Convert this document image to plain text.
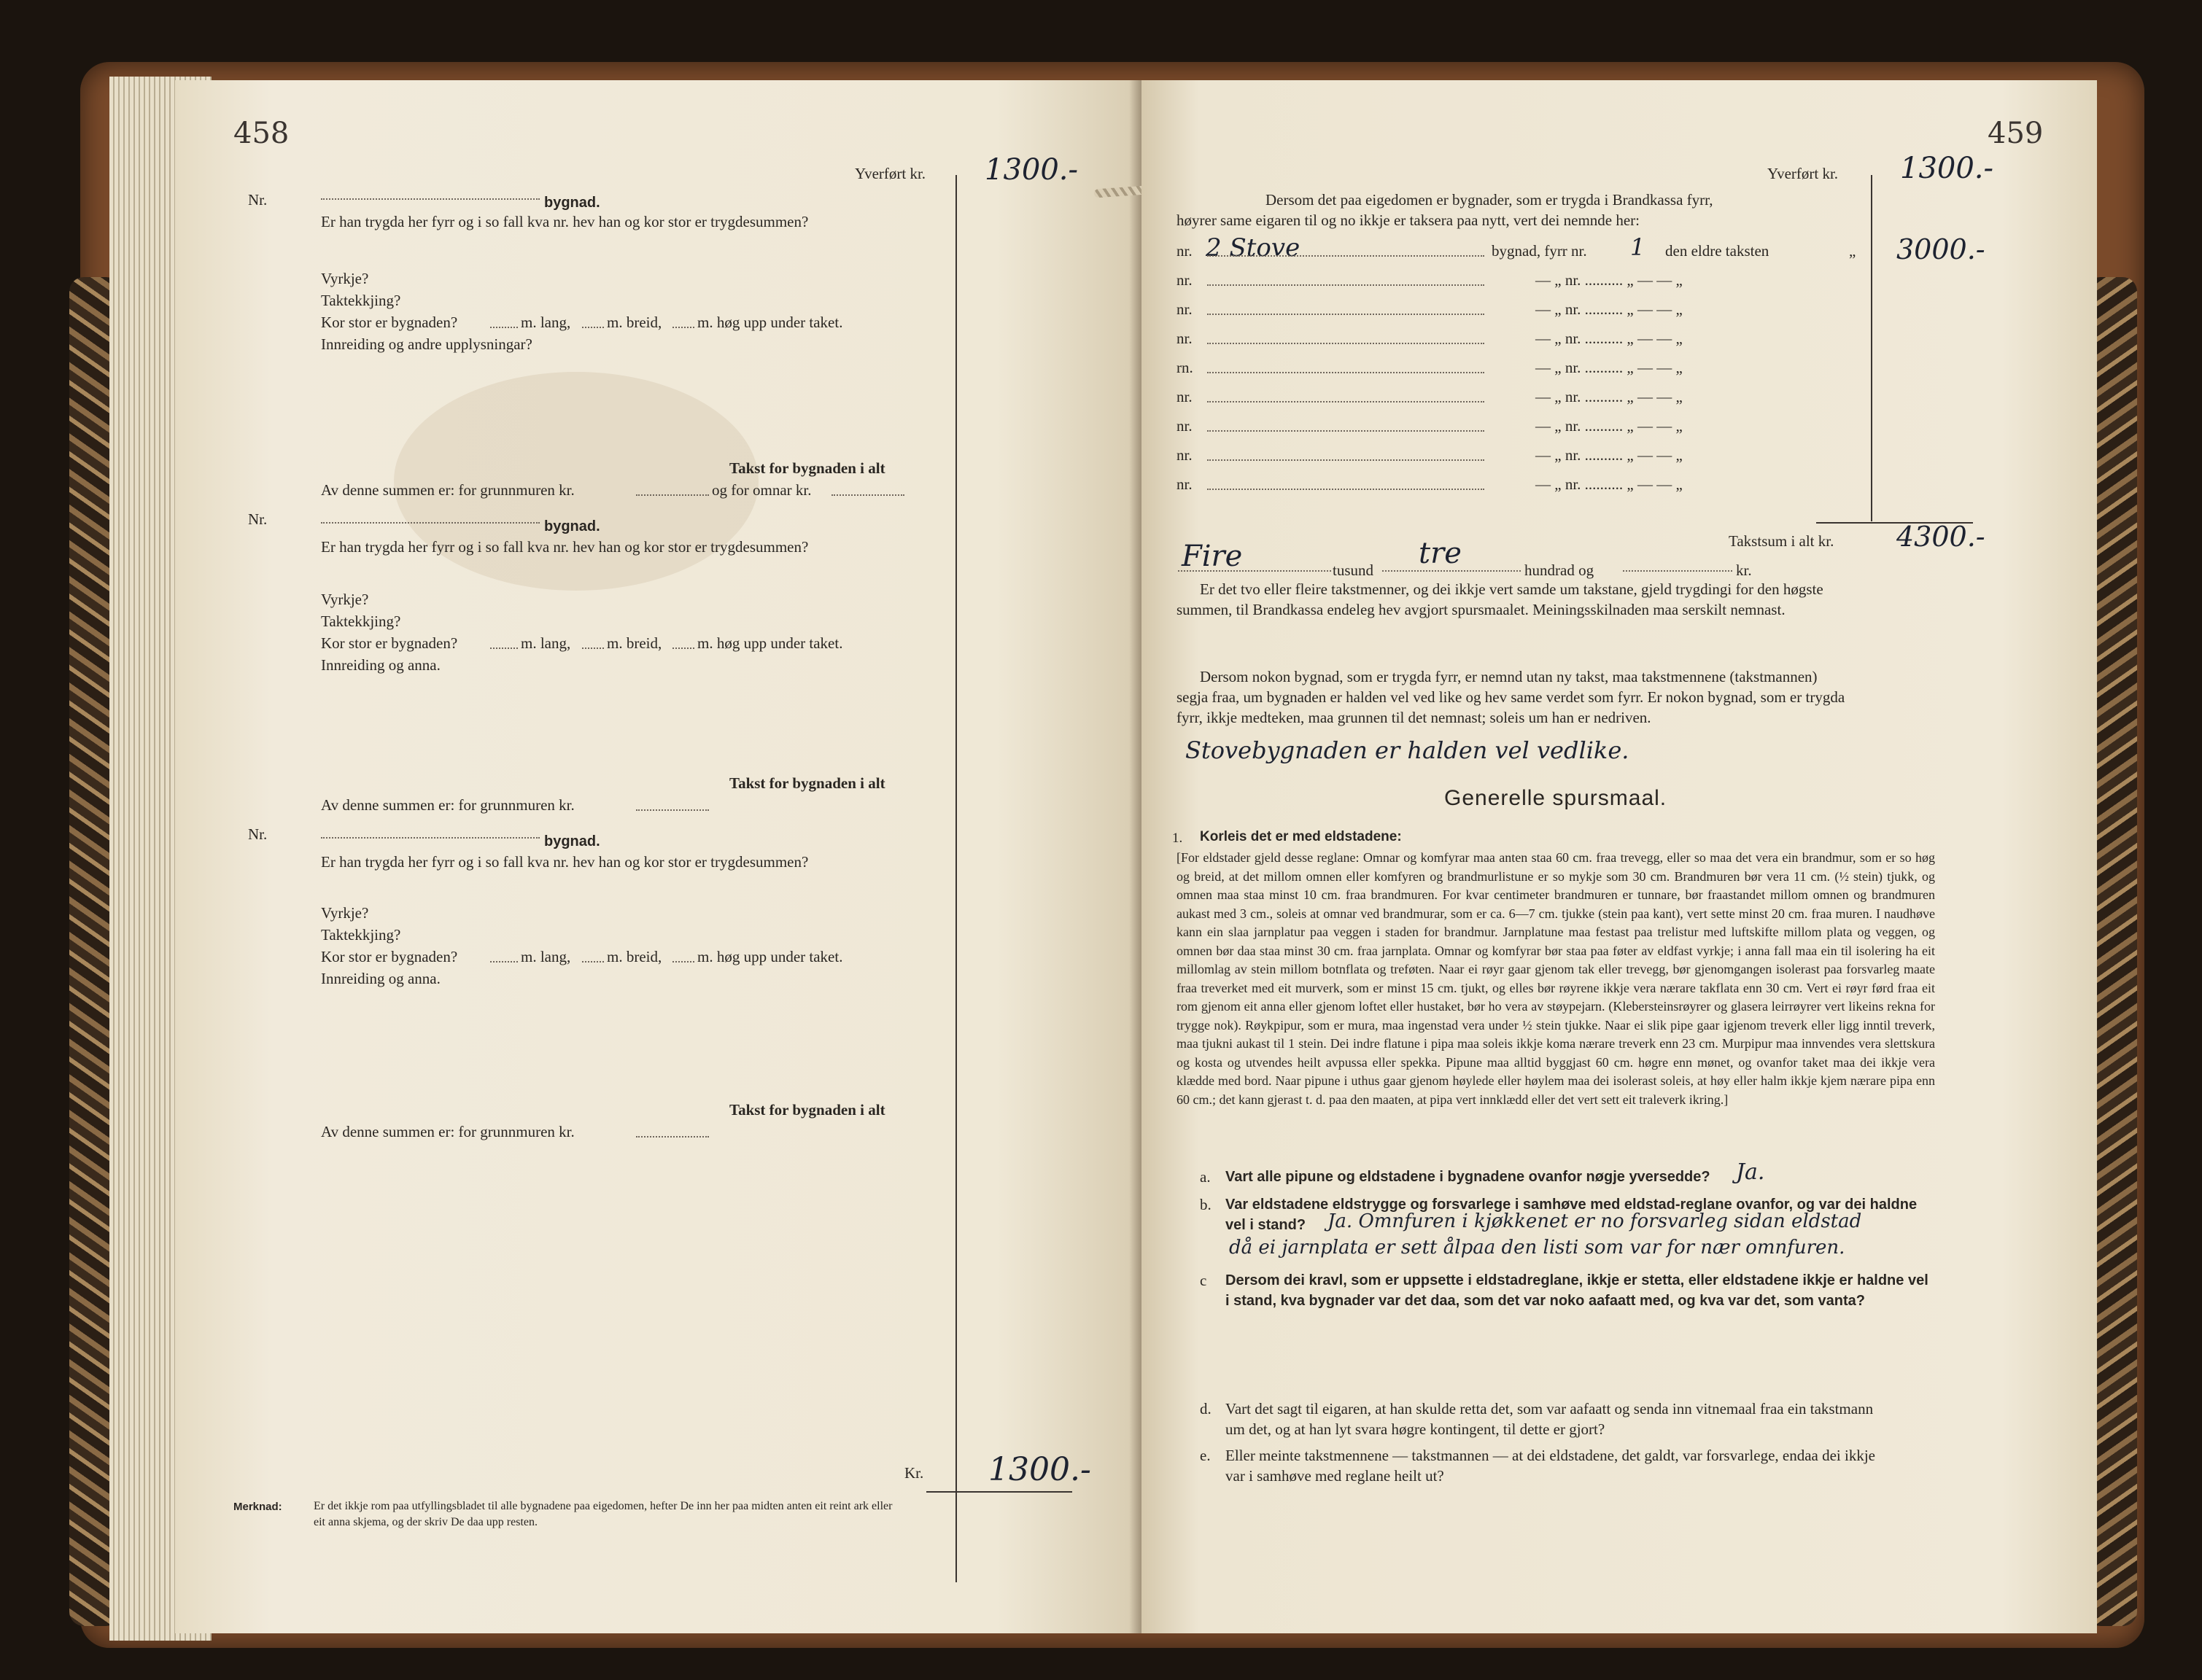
458
Yverført kr. 1300.-
Nr.	bygnad.
Er han trygda her fyrr og i so fall kva nr. hev han og kor stor er trygdesummen?
Vyrkje?
Taktekkjing?
Kor stor er bygnaden?	m. lang, m. breid, m. høg upp under taket.
Innreiding og andre upplysningar?
Takst for bygnaden i alt
Av denne summen er: for grunnmuren kr.	og for omnar kr.
Nr.	bygnad.
Er han trygda her fyrr og i so fall kva nr. hev han og kor stor er trygdesummen?
Vyrkje?
Taktekkjing?
Kor stor er bygnaden?	m. lang, m. breid, m. høg upp under taket.
Innreiding og anna.
Takst for bygnaden i alt
Av denne summen er: for grunnmuren kr.
Nr.	bygnad.
Er han trygda her fyrr og i so fall kva nr. hev han og kor stor er trygdesummen?
Vyrkje?
Taktekkjing?
Kor stor er bygnaden?	m. lang, m. breid, m. høg upp under taket.
Innreiding og anna.
Takst for bygnaden i alt
Av denne summen er: for grunnmuren kr.
Kr. 1300.-
Merknad:	Er det ikkje rom paa utfyllingsbladet til alle bygnadene paa eigedomen, hefter De inn her paa midten anten eit reint ark eller
eit anna skjema, og der skriv De daa upp resten.
459
Yverført kr. 1300.-
Dersom det paa eigedomen er bygnader, som er trygda i Brandkassa fyrr,
høyrer same eigaren til og no ikkje er taksera paa nytt, vert dei nemnde her:
nr. 2 Stove	bygnad, fyrr nr. 1 den eldre taksten	„ 3000.-
nr.	— „ nr. .......... „ — — „
nr.	— „ nr. .......... „ — — „
nr.	— „ nr. .......... „ — — „
rn.	— „ nr. .......... „ — — „
nr.	— „ nr. .......... „ — — „
nr.	— „ nr. .......... „ — — „
nr.	— „ nr. .......... „ — — „
nr.	— „ nr. .......... „ — — „
Takstsum i alt kr. 4300.-
Fire	tusund tre	hundrad og	kr.
Er det tvo eller fleire takstmenner, og dei ikkje vert samde um takstane, gjeld trygdingi for den høgste
summen, til Brandkassa endeleg hev avgjort spursmaalet. Meiningsskilnaden maa serskilt nemnast.
Dersom nokon bygnad, som er trygda fyrr, er nemnd utan ny takst, maa takstmennene (takstmannen)
segja fraa, um bygnaden er halden vel ved like og hev same verdet som fyrr. Er nokon bygnad, som er trygda
fyrr, ikkje medteken, maa grunnen til det nemnast; soleis um han er nedriven.
Stovebygnaden er halden vel vedlike.
Generelle spursmaal.
1. Korleis det er med eldstadene:
[For eldstader gjeld desse reglane: Omnar og komfyrar maa anten staa 60 cm. fraa trevegg, eller so maa det vera ein brandmur, som er so høg og breid, at det millom omnen eller komfyren og brandmurlistune er so mykje som 30 cm. Brandmuren bør vera 11 cm. (½ stein) tjukk, og omnen maa staa minst 10 cm. fraa brandmuren. For kvar centimeter brandmuren er tunnare, bør fraastandet millom omnen og brandmuren aukast med 3 cm., soleis at omnar ved brandmurar, som er ca. 6—7 cm. tjukke (stein paa kant), vert sette minst 20 cm. fraa muren. I naudhøve kann ein slaa jarnplatur paa veggen i staden for brandmur. Jarnplatune maa festast paa trelistur med luftskifte millom plata og veggen, og omnen bør daa staa minst 30 cm. fraa jarnplata. Omnar og komfyrar bør staa paa føter av eldfast vyrkje; i anna fall maa ein til isolering ha eit millomlag av stein millom botnflata og treføten. Naar ei røyr gaar gjenom tak eller trevegg, bør gjenomgangen isolerast paa forsvarleg maate fraa treverket med eit murverk, som er minst 15 cm. tjukt, og elles bør røyrene ikkje vera nærare takflata enn 30 cm. Vert ei røyr førd fraa eit rom gjenom eit anna eller gjenom loftet eller hustaket, bør ho vera av støypejarn. (Klebersteinsrøyrer og glasera leirrøyrer vert likeins rekna for trygge nok). Røykpipur, som er mura, maa ingenstad vera under ½ stein tjukke. Naar ei slik pipe gaar igjenom treverk eller ligg inntil treverk, maa tjukni aukast til 1 stein. Dei indre flatune i pipa maa soleis ikkje koma nærare treverk enn 23 cm. Murpipur maa innvendes vera slettskura og kosta og utvendes heilt avpussa eller spekka. Pipune maa alltid byggjast 60 cm. høgre enn mønet, og ovanfor taket maa dei ikkje vera klædde med bord. Naar pipune i uthus gaar gjenom høylede eller høylem maa dei isolerast soleis, at høy eller halm ikkje kjem nærare pipa enn 60 cm.; det kann gjerast t. d. paa den maaten, at pipa vert innklædd eller det vert sett eit traleverk ikring.]
a. Vart alle pipune og eldstadene i bygnadene ovanfor nøgje yversedde? Ja.
b. Var eldstadene eldstrygge og forsvarlege i samhøve med eldstad-reglane ovanfor, og var dei haldne
vel i stand? Ja. Omnfuren i kjøkkenet er no forsvarleg sidan eldstad
då ei jarnplata er sett ålpaa den listi som var for nær omnfuren.
c Dersom dei kravl, som er uppsette i eldstadreglane, ikkje er stetta, eller eldstadene ikkje er haldne vel
i stand, kva bygnader var det daa, som det var noko aafaatt med, og kva var det, som vanta?
d. Vart det sagt til eigaren, at han skulde retta det, som var aafaatt og senda inn vitnemaal fraa ein takstmann
um det, og at han lyt svara høgre kontingent, til dette er gjort?
e. Eller meinte takstmennene — takstmannen — at dei eldstadene, det galdt, var forsvarlege, endaa dei ikkje
var i samhøve med reglane heilt ut?
